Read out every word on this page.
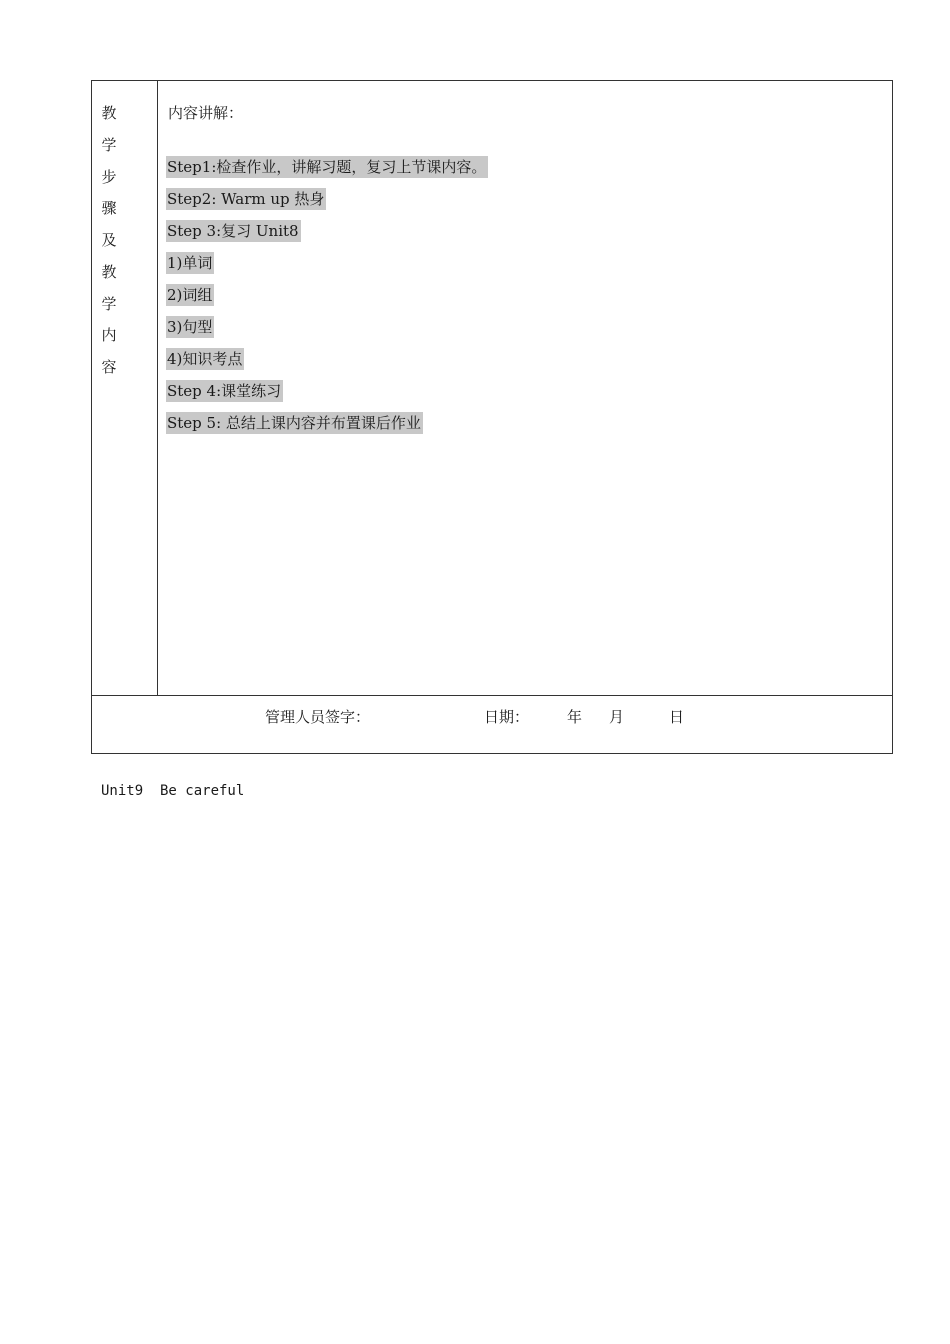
教
学
步
骤
及
教
学
内
容

内容讲解：
Step1:检查作业，讲解习题，复习上节课内容。
Step2: Warm up 热身
Step 3:复习 Unit8
1)单词
2)词组
3)句型
4)知识考点
Step 4:课堂练习
Step 5: 总结上课内容并布置课后作业

管理人员签字：	日期：	年 月	日
Unit9  Be careful
